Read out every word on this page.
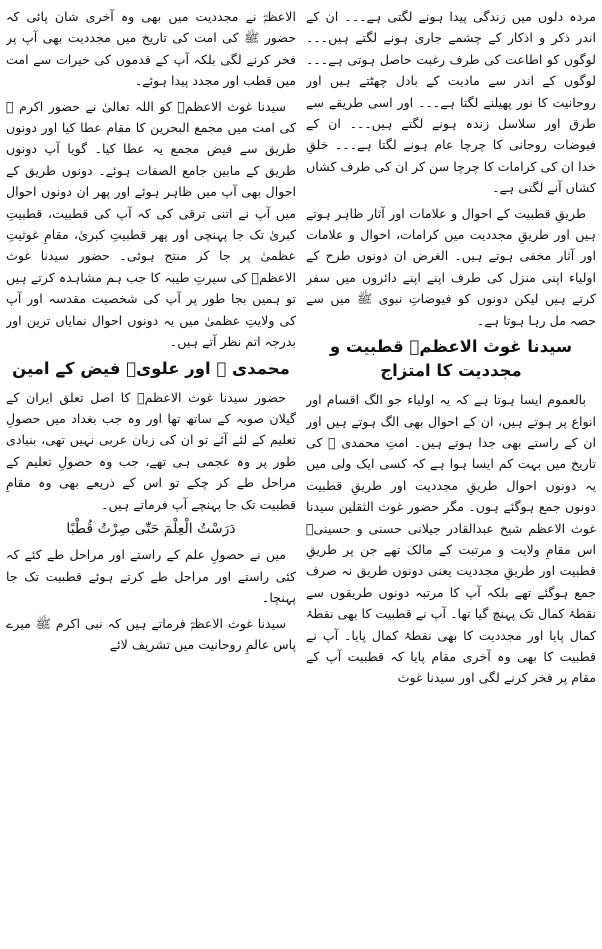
مردہ دلوں میں زندگی پیدا ہونے لگتی ہے۔۔۔ ان کے اندر ذکر و اذکار کے چشمے جاری ہونے لگتے ہیں۔۔۔ لوگوں کو اطاعت کی طرف رغبت حاصل ہوتی ہے۔۔۔ لوگوں کے اندر سے مادیت کے بادل چھٹتے ہیں اور روحانیت کا نور پھیلنے لگتا ہے۔۔۔ اور اسی طریقے سے طرق اور سلاسل زندہ ہونے لگتے ہیں۔۔۔ ان کے فیوضات روحانی کا چرچا عام ہونے لگتا ہے۔۔۔ خلقِ خدا ان کی کرامات کا چرچا سن کر ان کی طرف کشاں کشاں آنے لگتی ہے۔

طریقِ قطبیت کے احوال و علامات اور آثار ظاہر ہوتے ہیں اور طریقِ مجددیت میں کرامات، احوال و علامات اور آثار مخفی ہوتے ہیں۔ الغرض ان دونوں طرح کے اولیاء اپنی منزل کی طرف اپنے اپنے دائروں میں سفر کرتے ہیں لیکن دونوں کو فیوضاتِ نبوی ﷺ میں سے حصہ مل رہا ہوتا ہے۔

سیدنا غوث الاعظمؓ قطبیت و مجددیت کا امتزاج

بالعموم ایسا ہوتا ہے کہ یہ اولیاء جو الگ اقسام اور انواع پر ہوتے ہیں، ان کے احوال بھی الگ ہوتے ہیں اور ان کے راستے بھی جدا ہوتے ہیں۔ امتِ محمدی ﷺ کی تاریخ میں بہت کم ایسا ہوا ہے کہ کسی ایک ولی میں یہ دونوں احوال طریقِ مجددیت اور طریقِ قطبیت دونوں جمع ہوگئے ہوں۔ مگر حضور غوث الثقلین سیدنا غوث الاعظم شیخ عبدالقادر جیلانی حسنی و حسینیؓ اس مقامِ ولایت و مرتبت کے مالک تھے جن پر طریقِ قطبیت اور طریقِ مجددیت یعنی دونوں طریق نہ صرف جمع ہوگئے تھے بلکہ آپ کا مرتبہ دونوں طریقوں سے نقطۂ کمال تک پہنچ گیا تھا۔ آپ نے قطبیت کا بھی نقطۂ کمال پایا اور مجددیت کا بھی نقطۂ کمال پایا۔ آپ نے قطبیت کا بھی وہ آخری مقام پایا کہ قطبیت آپ کے مقام پر فخر کرنے لگی اور سیدنا غوث

الاعظمؓ نے مجددیت میں بھی وہ آخری شان پائی کہ حضور ﷺ کی امت کی تاریخ میں مجددیت بھی آپ پر فخر کرنے لگی بلکہ آپ کے قدموں کی خیرات سے امت میں قطب اور مجدد پیدا ہوئے۔

سیدنا غوث الاعظمؓ کو اللہ تعالیٰ نے حضور اکرم ﷺ کی امت میں مجمع البحرین کا مقام عطا کیا اور دونوں طریق سے فیض مجمع یہ عطا کیا۔ گویا آپ دونوں طریق کے مابین جامع الصفات ہوئے۔ دونوں طریق کے احوال بھی آپ میں ظاہر ہوئے اور پھر ان دونوں احوال میں آپ نے اتنی ترقی کی کہ آپ کی قطبیت، قطبیتِ کبریٰ تک جا پہنچی اور پھر قطبیتِ کبریٰ، مقامِ غوثیتِ عظمیٰ پر جا کر منتج ہوئی۔ حضور سیدنا غوث الاعظمؓ کی سیرتِ طیبہ کا جب ہم مشاہدہ کرتے ہیں تو ہمیں بجا طور پر آپ کی شخصیت مقدسہ اور آپ کی ولایتِ عظمیٰ میں یہ دونوں احوال نمایاں ترین اور بدرجہ اتم نظر آتے ہیں۔

محمدی ﷺ اور علویؓ فیض کے امین

حضور سیدنا غوث الاعظمؓ کا اصل تعلق ایران کے گیلان صوبہ کے ساتھ تھا اور وہ جب بغداد میں حصولِ تعلیم کے لئے آئے تو ان کی زبان عربی نہیں تھی، بنیادی طور پر وہ عجمی ہی تھے، جب وہ حصولِ تعلیم کے مراحل طے کر چکے تو اس کے ذریعے بھی وہ مقامِ قطبیت تک جا پہنچے آپ فرماتے ہیں۔

دَرَسْتُ الْعِلْمَ حَتّٰی صِرْتُ قُطْبًا

میں نے حصولِ علم کے راستے اور مراحل طے کئے کہ کئی راستے اور مراحل طے کرتے ہوئے قطبیت تک جا پہنچا۔

سیدنا غوث الاعظمؓ فرماتے ہیں کہ نبی اکرم ﷺ میرے پاس عالمِ روحانیت میں تشریف لائے
